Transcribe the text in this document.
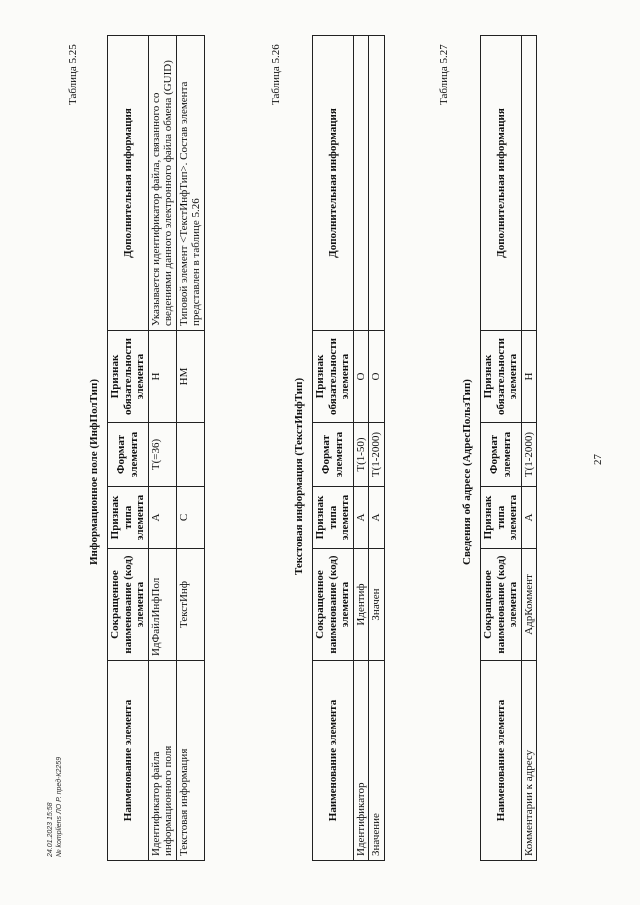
27
Таблица 5.25
Информационное поле (ИнфПолТип)
Наименование элемента	Сокращенное наименование (код) элемента	Признак типа элемента	Формат элемента	Признак обязательности элемента	Дополнительная информация
Идентификатор файла информационного поля	ИдФайлИнфПол	А	Т(=36)	Н	Указывается идентификатор файла, связанного со сведениями данного электронного файла обмена (GUID)
Текстовая информация	ТекстИнф	С		НМ	Типовой элемент <ТекстИнфТип>. Состав элемента представлен в таблице 5.26
Таблица 5.26
Текстовая информация (ТекстИнфТип)
Наименование элемента	Сокращенное наименование (код) элемента	Признак типа элемента	Формат элемента	Признак обязательности элемента	Дополнительная информация
Идентификатор	Идентиф	А	Т(1-50)	О	
Значение	Значен	А	Т(1-2000)	О	
Таблица 5.27
Сведения об адресе (АдресПользТип)
Наименование элемента	Сокращенное наименование (код) элемента	Признак типа элемента	Формат элемента	Признак обязательности элемента	Дополнительная информация
Комментарии к адресу	АдрКоммент	А	Т(1-2000)	Н	
24.01.2023 15:58 № kompliens ЛО Р. пред-К2259
